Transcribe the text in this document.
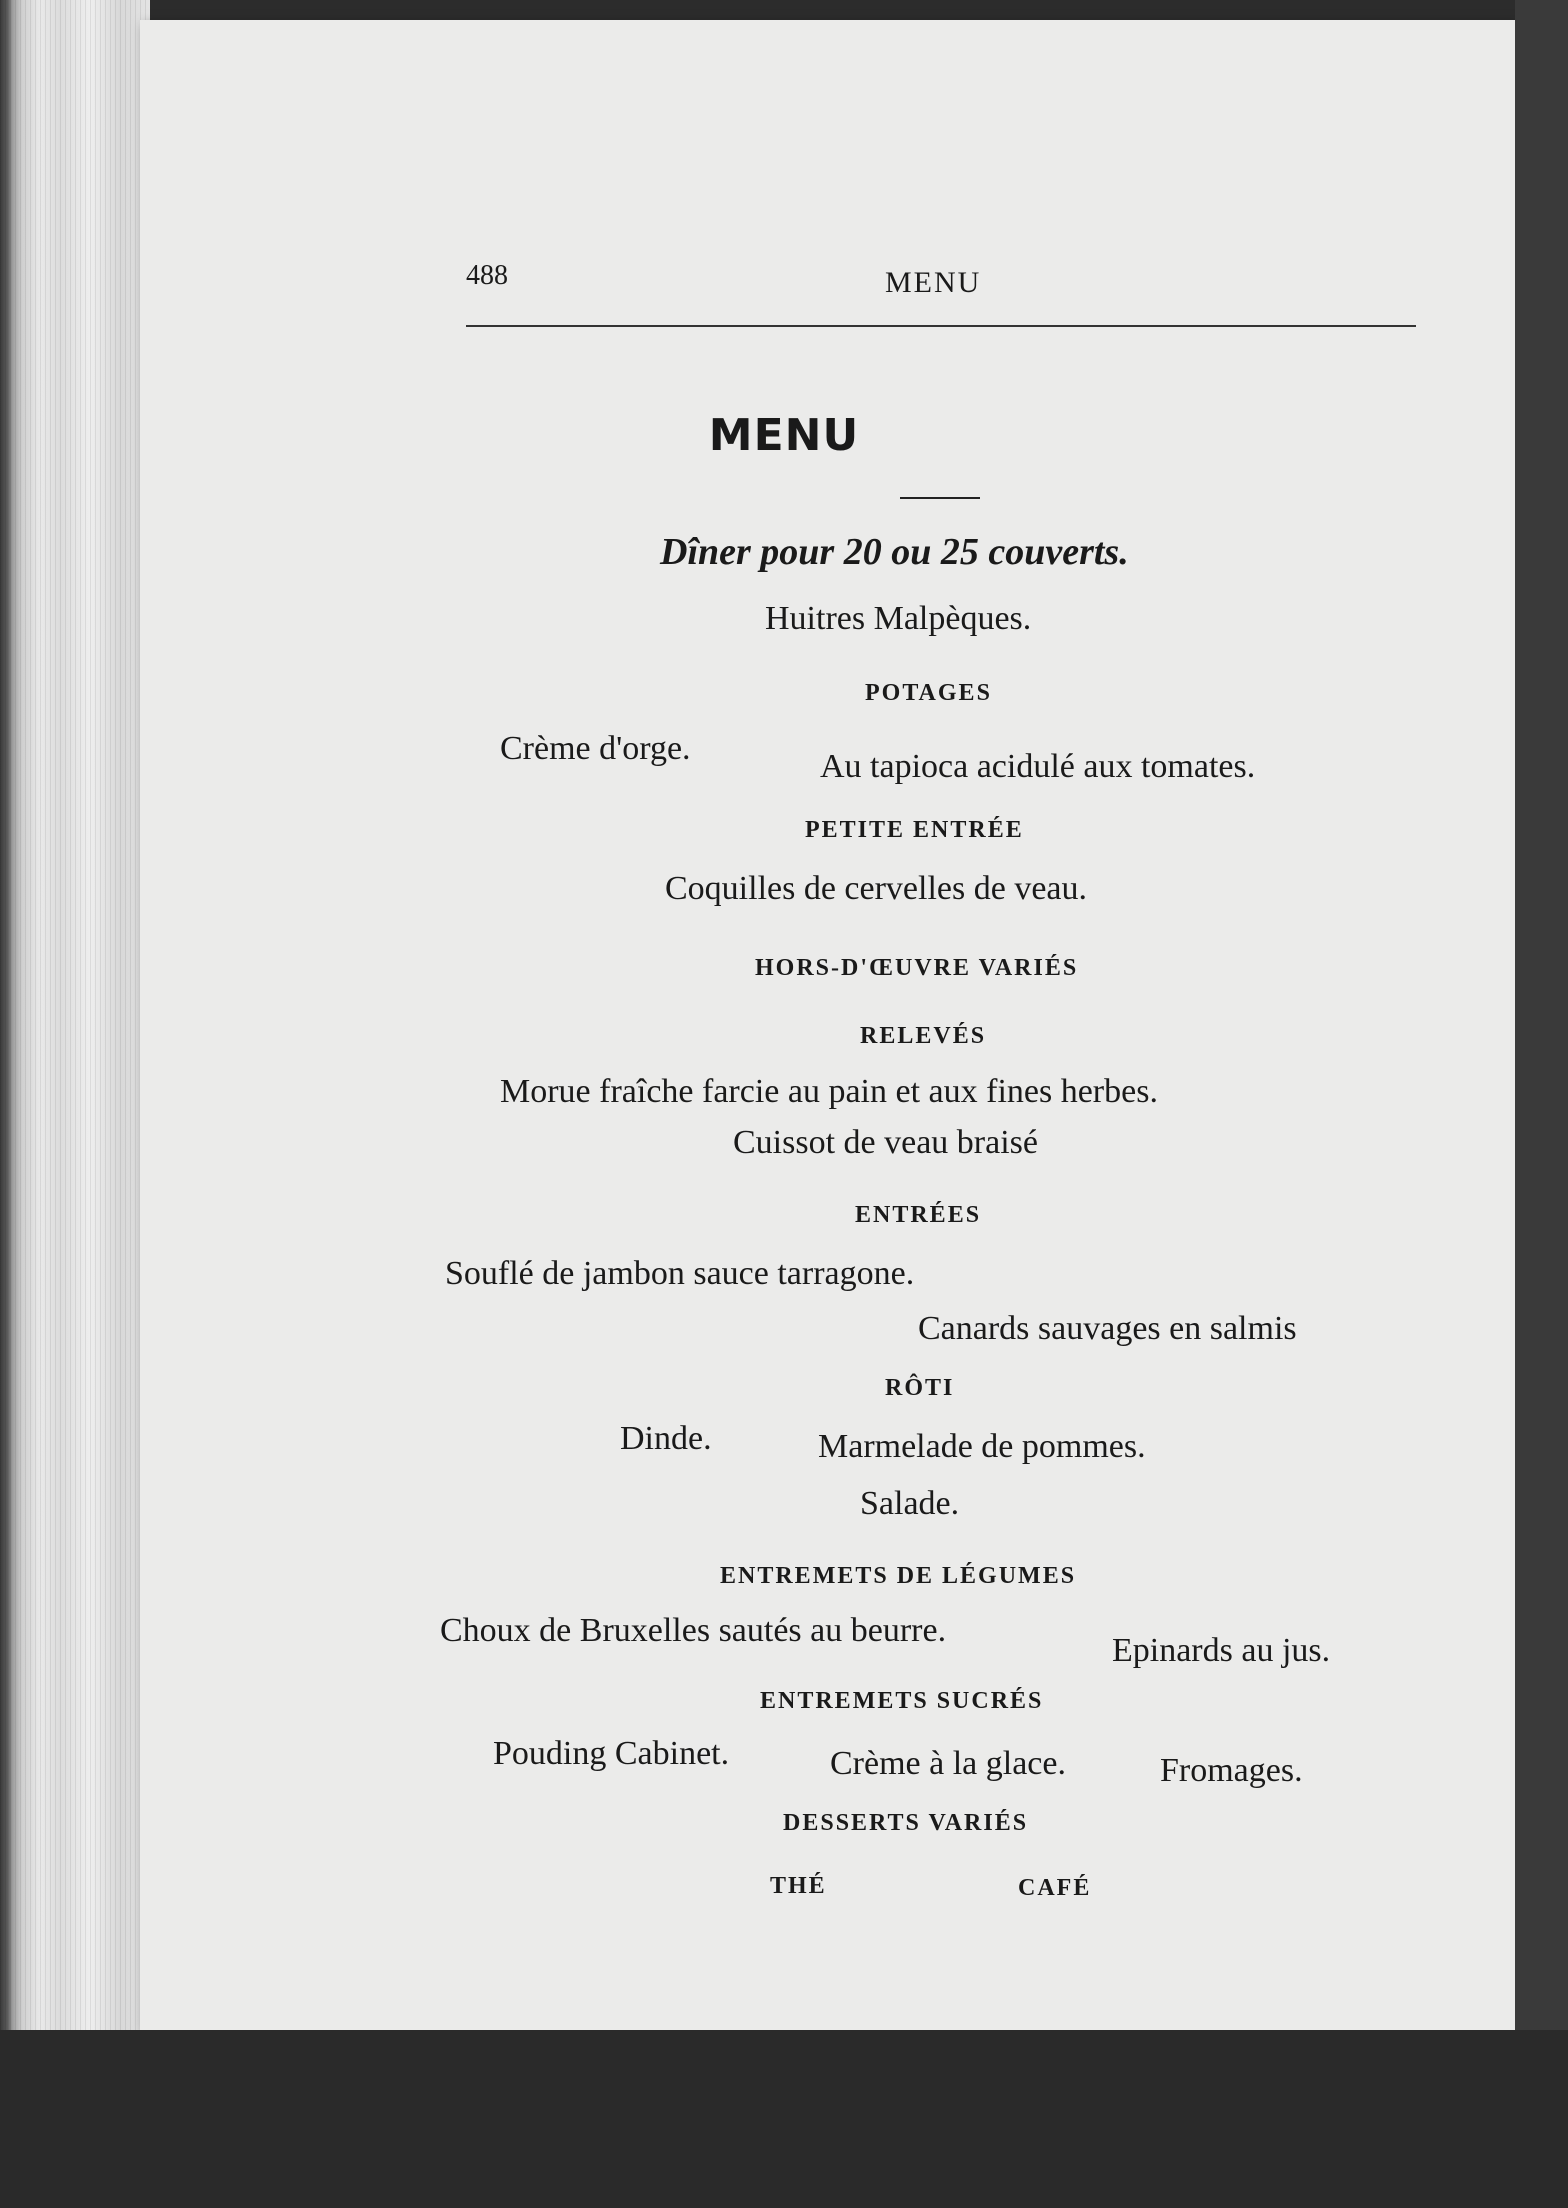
488	MENU

MENU

Dîner pour 20 ou 25 couverts.

Huitres Malpèques.

POTAGES

Crème d'orge.	Au tapioca acidulé aux tomates.

PETITE ENTRÉE

Coquilles de cervelles de veau.

HORS-D'ŒUVRE VARIÉS

RELEVÉS

Morue fraîche farcie au pain et aux fines herbes.

Cuissot de veau braisé

ENTRÉES

Souflé de jambon sauce tarragone.

Canards sauvages en salmis

RÔTI

Dinde.	Marmelade de pommes.

Salade.

ENTREMETS DE LÉGUMES

Choux de Bruxelles sautés au beurre.

Epinards au jus.

ENTREMETS SUCRÉS

Pouding Cabinet.	Crème à la glace.	Fromages.

DESSERTS VARIÉS

THÉ	CAFÉ
